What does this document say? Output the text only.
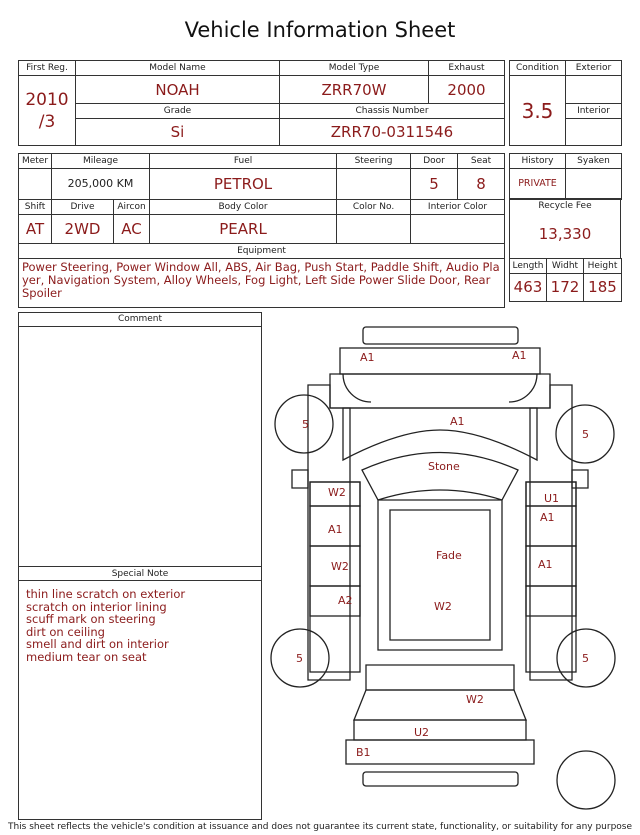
Vehicle Information Sheet
First Reg.	Model Name	Model Type	Exhaust

2010
/3	NOAH	ZRR70W	2000

	Grade	Chassis Number	

	Si	ZRR70-0311546	
Condition	Exterior

3.5	

	Interior

Meter	Mileage		Fuel	Steering	Door	Seat

	205,000 KM		PETROL		5	8

Shift	Drive	Aircon	Body Color	Color No.	Interior Color	

AT	2WD	AC	PEARL			

Equipment						

Power Steering, Power Window All, ABS, Air Bag, Push Start, Paddle Shift, Audio Player, Navigation System, Alloy Wheels, Fog Light, Left Side Power Slide Door, Rear Spoiler						
History	Syaken

PRIVATE	

Recycle Fee
13,330
Length	Widht	Height

463	172	185
Comment
Special Note
thin line scratch on exterior
scratch on interior lining
scuff mark on steering
dirt on ceiling
smell and dirt on interior
medium tear on seat
A1	A1
A1
Stone
5
5
5	5
W2
A1
W2
A2
U1
A1
A1
Fade
W2
W2
U2
B1
This sheet reflects the vehicle's condition at issuance and does not guarantee its current state, functionality, or suitability for any purpose
